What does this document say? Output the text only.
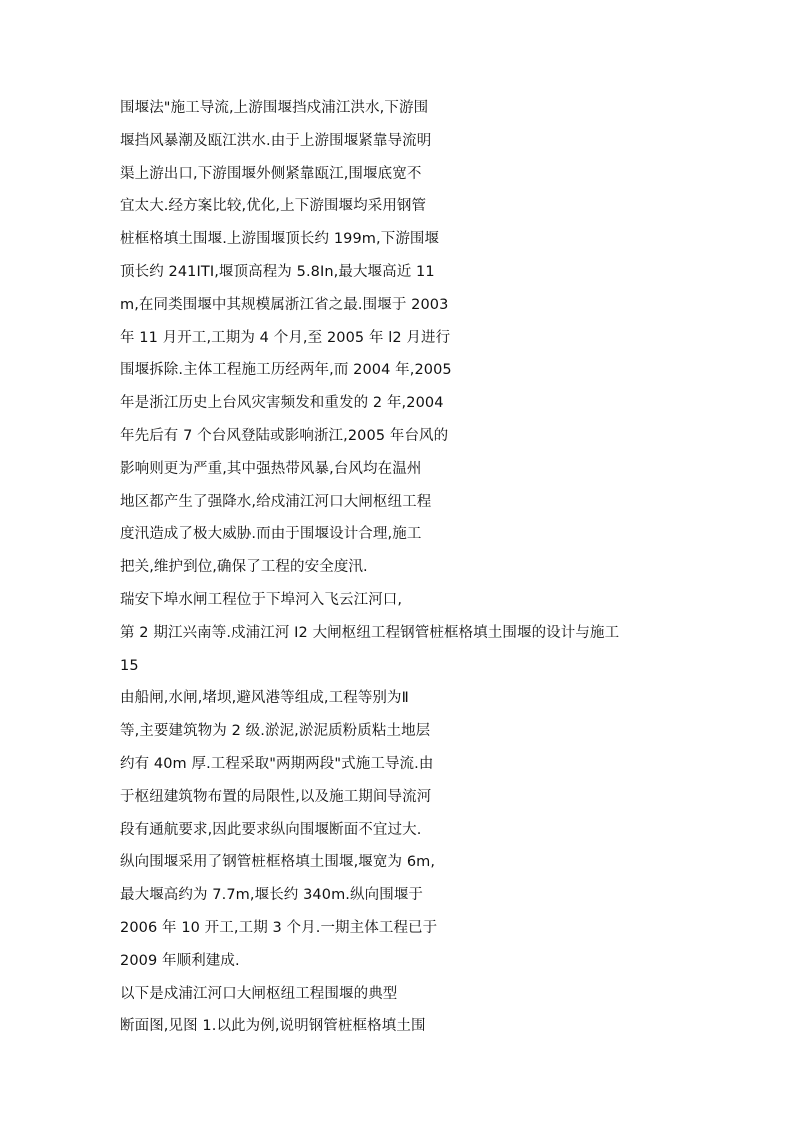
围堰法"施工导流,上游围堰挡戍浦江洪水,下游围
堰挡风暴潮及瓯江洪水.由于上游围堰紧靠导流明
渠上游出口,下游围堰外侧紧靠瓯江,围堰底宽不
宜太大.经方案比较,优化,上下游围堰均采用钢管
桩框格填土围堰.上游围堰顶长约 199m,下游围堰
顶长约 241ITI,堰顶高程为 5.8In,最大堰高近 11
m,在同类围堰中其规模属浙江省之最.围堰于 2003
年 11 月开工,工期为 4 个月,至 2005 年 l2 月进行
围堰拆除.主体工程施工历经两年,而 2004 年,2005
年是浙江历史上台风灾害频发和重发的 2 年,2004
年先后有 7 个台风登陆或影响浙江,2005 年台风的
影响则更为严重,其中强热带风暴,台风均在温州
地区都产生了强降水,给戍浦江河口大闸枢纽工程
度汛造成了极大威胁.而由于围堰设计合理,施工
把关,维护到位,确保了工程的安全度汛.
瑞安下埠水闸工程位于下埠河入飞云江河口,
第 2 期江兴南等.戍浦江河 I2 大闸枢纽工程钢管桩框格填土围堰的设计与施工
15
由船闸,水闸,堵坝,避风港等组成,工程等别为Ⅱ
等,主要建筑物为 2 级.淤泥,淤泥质粉质粘土地层
约有 40m 厚.工程采取"两期两段"式施工导流.由
于枢纽建筑物布置的局限性,以及施工期间导流河
段有通航要求,因此要求纵向围堰断面不宜过大.
纵向围堰采用了钢管桩框格填土围堰,堰宽为 6m,
最大堰高约为 7.7m,堰长约 340m.纵向围堰于
2006 年 10 开工,工期 3 个月.一期主体工程已于
2009 年顺利建成.
以下是戍浦江河口大闸枢纽工程围堰的典型
断面图,见图 1.以此为例,说明钢管桩框格填土围
